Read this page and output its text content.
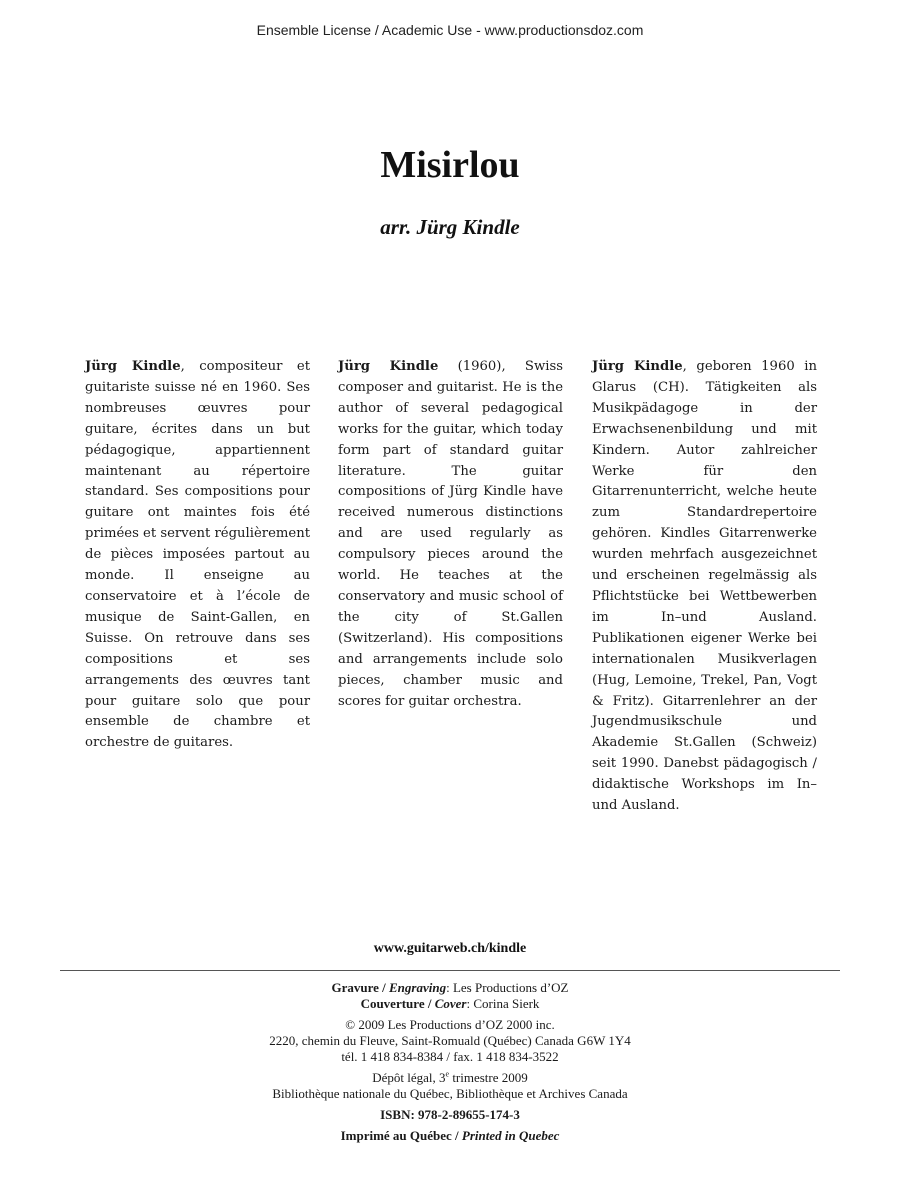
Ensemble License / Academic Use - www.productionsdoz.com
Misirlou
arr. Jürg Kindle
Jürg Kindle, compositeur et guitariste suisse né en 1960. Ses nombreuses œuvres pour guitare, écrites dans un but pédagogique, appartiennent maintenant au répertoire standard. Ses compositions pour guitare ont maintes fois été primées et servent régulièrement de pièces imposées partout au monde. Il enseigne au conservatoire et à l’école de musique de Saint-Gallen, en Suisse. On retrouve dans ses compositions et ses arrangements des œuvres tant pour guitare solo que pour ensemble de chambre et orchestre de guitares.
Jürg Kindle (1960), Swiss composer and guitarist. He is the author of several pedagogical works for the guitar, which today form part of standard guitar literature. The guitar compositions of Jürg Kindle have received numerous distinctions and are used regularly as compulsory pieces around the world. He teaches at the conservatory and music school of the city of St.Gallen (Switzerland). His compositions and arrangements include solo pieces, chamber music and scores for guitar orchestra.
Jürg Kindle, geboren 1960 in Glarus (CH). Tätigkeiten als Musikpädagoge in der Erwachsenenbildung und mit Kindern. Autor zahlreicher Werke für den Gitarrenunterricht, welche heute zum Standardrepertoire gehören. Kindles Gitarrenwerke wurden mehrfach ausgezeichnet und erscheinen regelmässig als Pflichtstücke bei Wettbewerben im In–und Ausland. Publikationen eigener Werke bei internationalen Musikverlagen (Hug, Lemoine, Trekel, Pan, Vogt & Fritz). Gitarrenlehrer an der Jugendmusikschule und Akademie St.Gallen (Schweiz) seit 1990. Danebst pädagogisch / didaktische Workshops im In–und Ausland.
www.guitarweb.ch/kindle
Gravure / Engraving: Les Productions d’OZ
Couverture / Cover: Corina Sierk
© 2009 Les Productions d’OZ 2000 inc.
2220, chemin du Fleuve, Saint-Romuald (Québec) Canada G6W 1Y4
tél. 1 418 834-8384 / fax. 1 418 834-3522
Dépôt légal, 3e trimestre 2009
Bibliothèque nationale du Québec, Bibliothèque et Archives Canada
ISBN: 978-2-89655-174-3
Imprimé au Québec / Printed in Quebec
